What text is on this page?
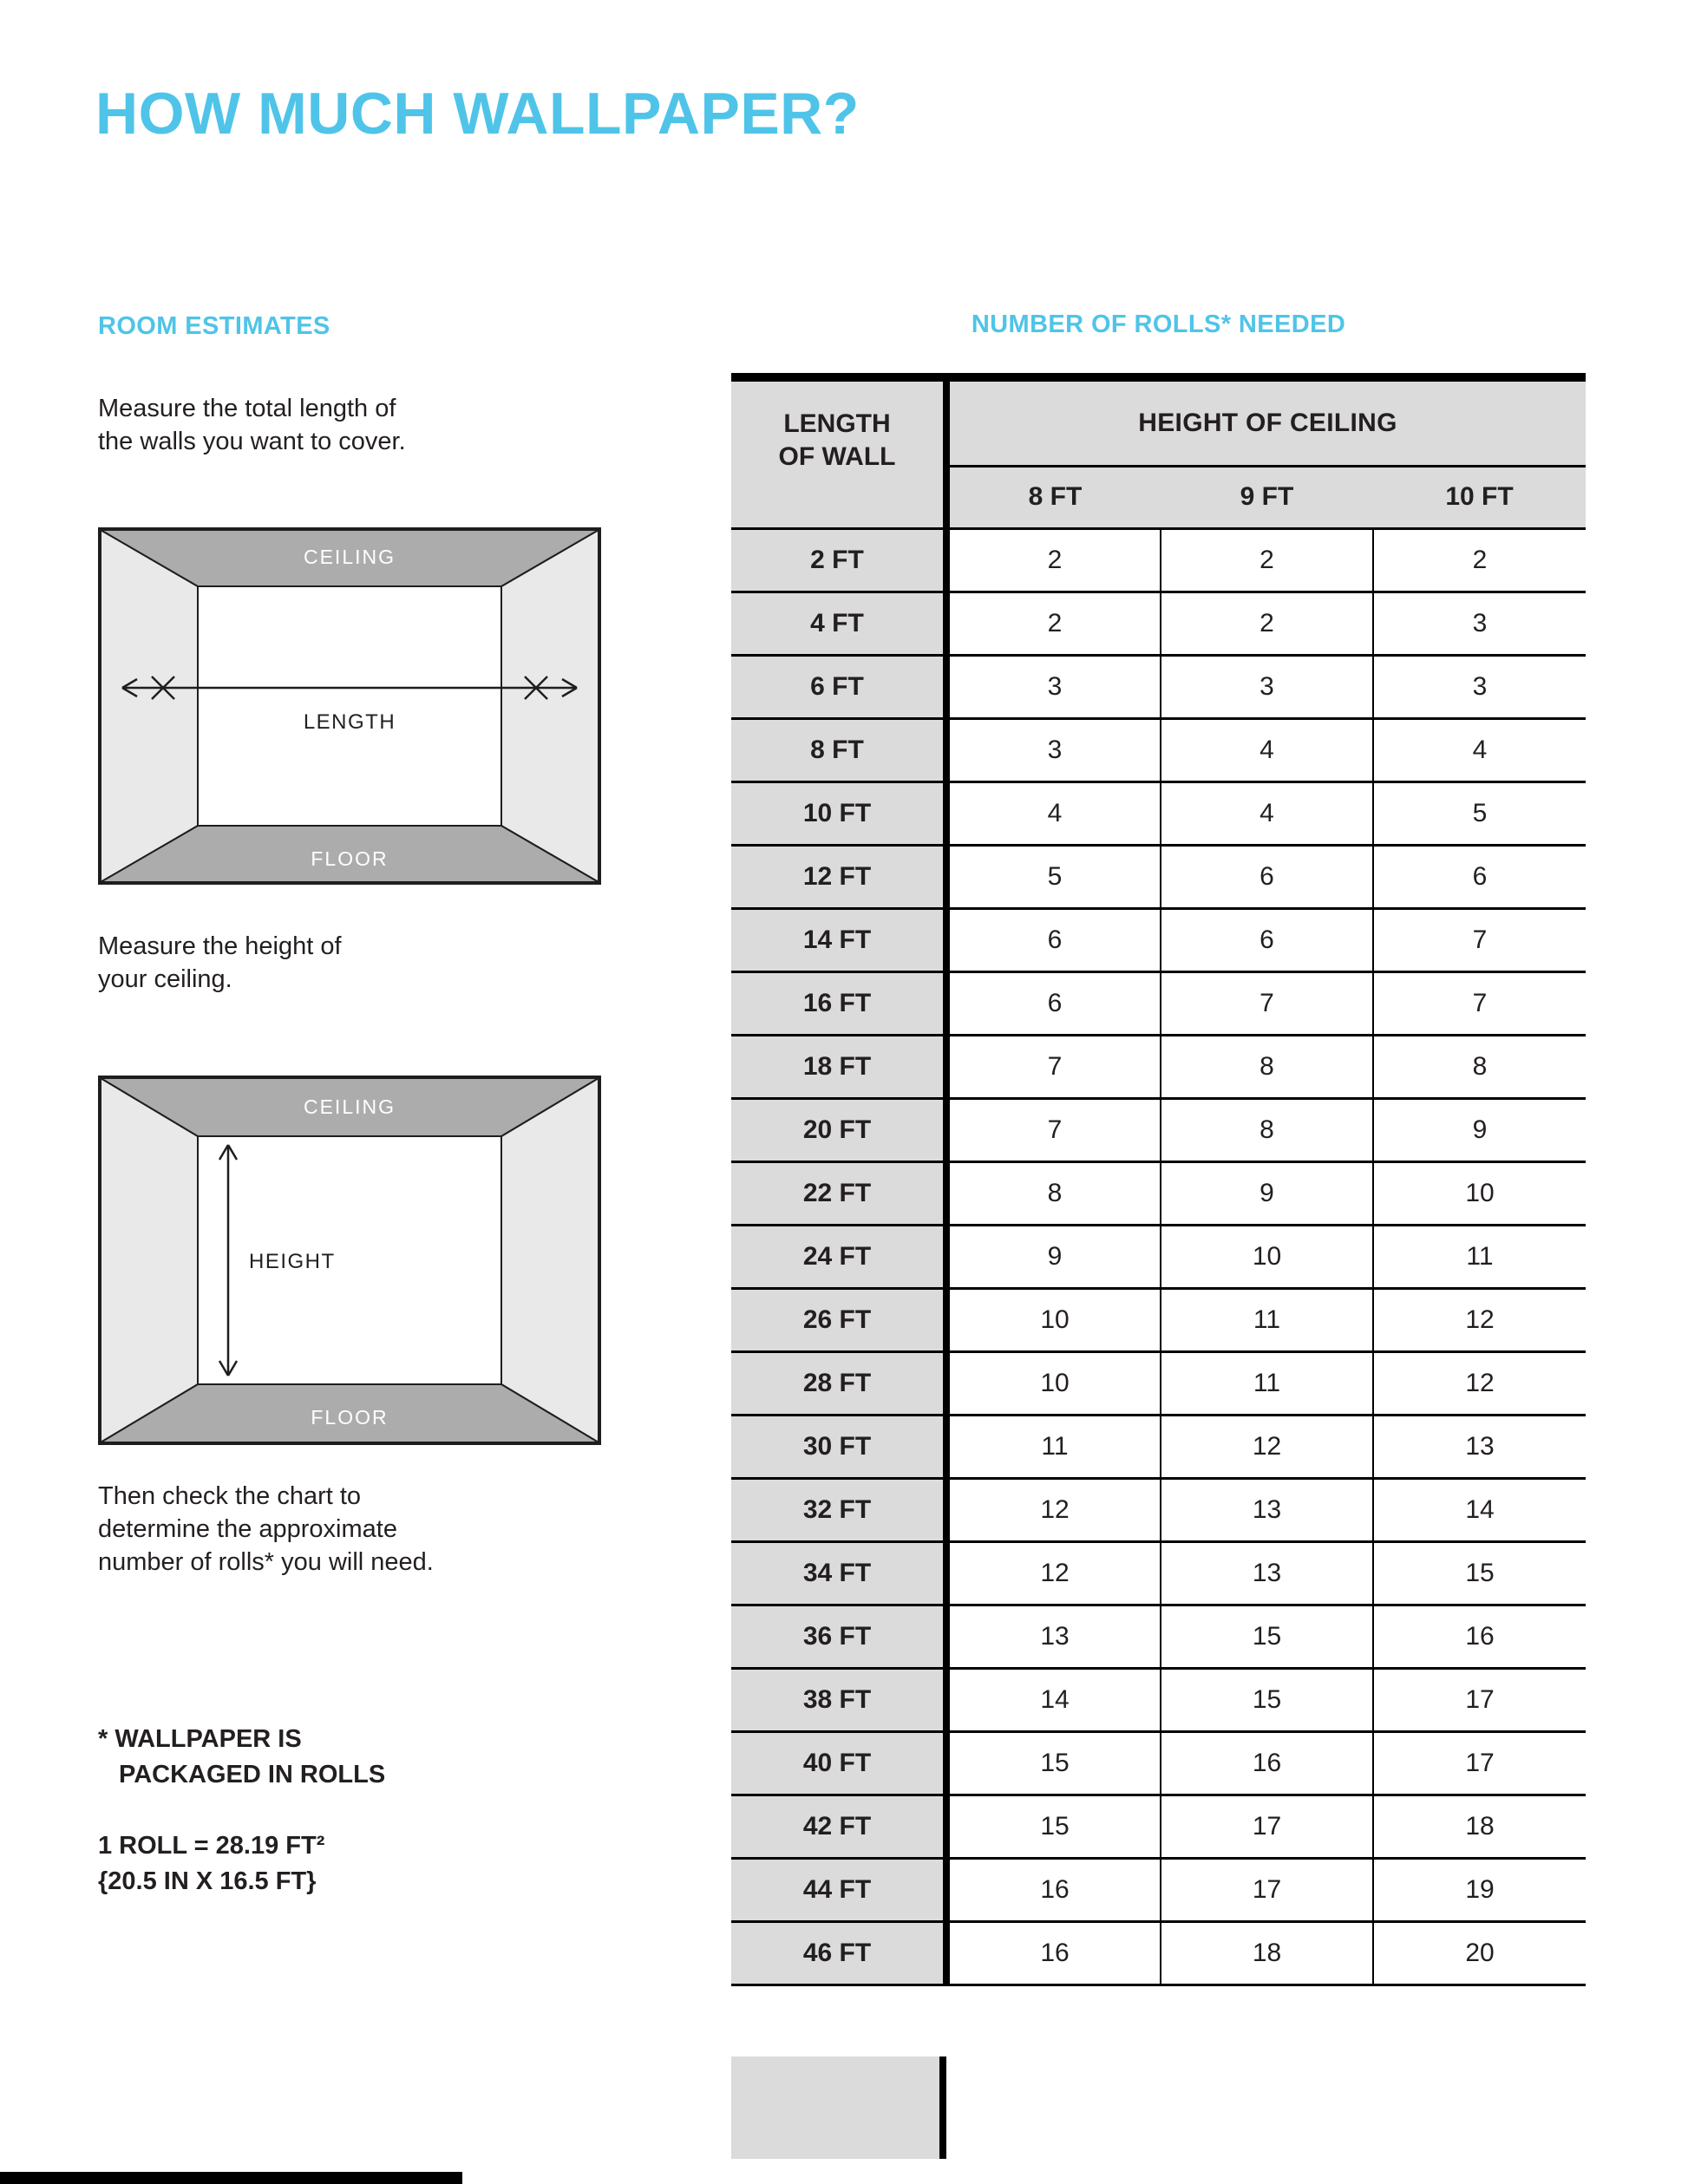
HOW MUCH WALLPAPER?
ROOM ESTIMATES
Measure the total length of
the walls you want to cover.
CEILING
FLOOR
LENGTH
Measure the height of
your ceiling.
CEILING
FLOOR
HEIGHT
Then check the chart to
determine the approximate
number of rolls* you will need.
* WALLPAPER IS
PACKAGED IN ROLLS
1 ROLL = 28.19 FT²
{20.5 IN X 16.5 FT}
NUMBER OF ROLLS* NEEDED
LENGTH
OF WALL	HEIGHT OF CEILING		
	8 FT	9 FT	10 FT
2 FT	2	2	2
4 FT	2	2	3
6 FT	3	3	3
8 FT	3	4	4
10 FT	4	4	5
12 FT	5	6	6
14 FT	6	6	7
16 FT	6	7	7
18 FT	7	8	8
20 FT	7	8	9
22 FT	8	9	10
24 FT	9	10	11
26 FT	10	11	12
28 FT	10	11	12
30 FT	11	12	13
32 FT	12	13	14
34 FT	12	13	15
36 FT	13	15	16
38 FT	14	15	17
40 FT	15	16	17
42 FT	15	17	18
44 FT	16	17	19
46 FT	16	18	20
